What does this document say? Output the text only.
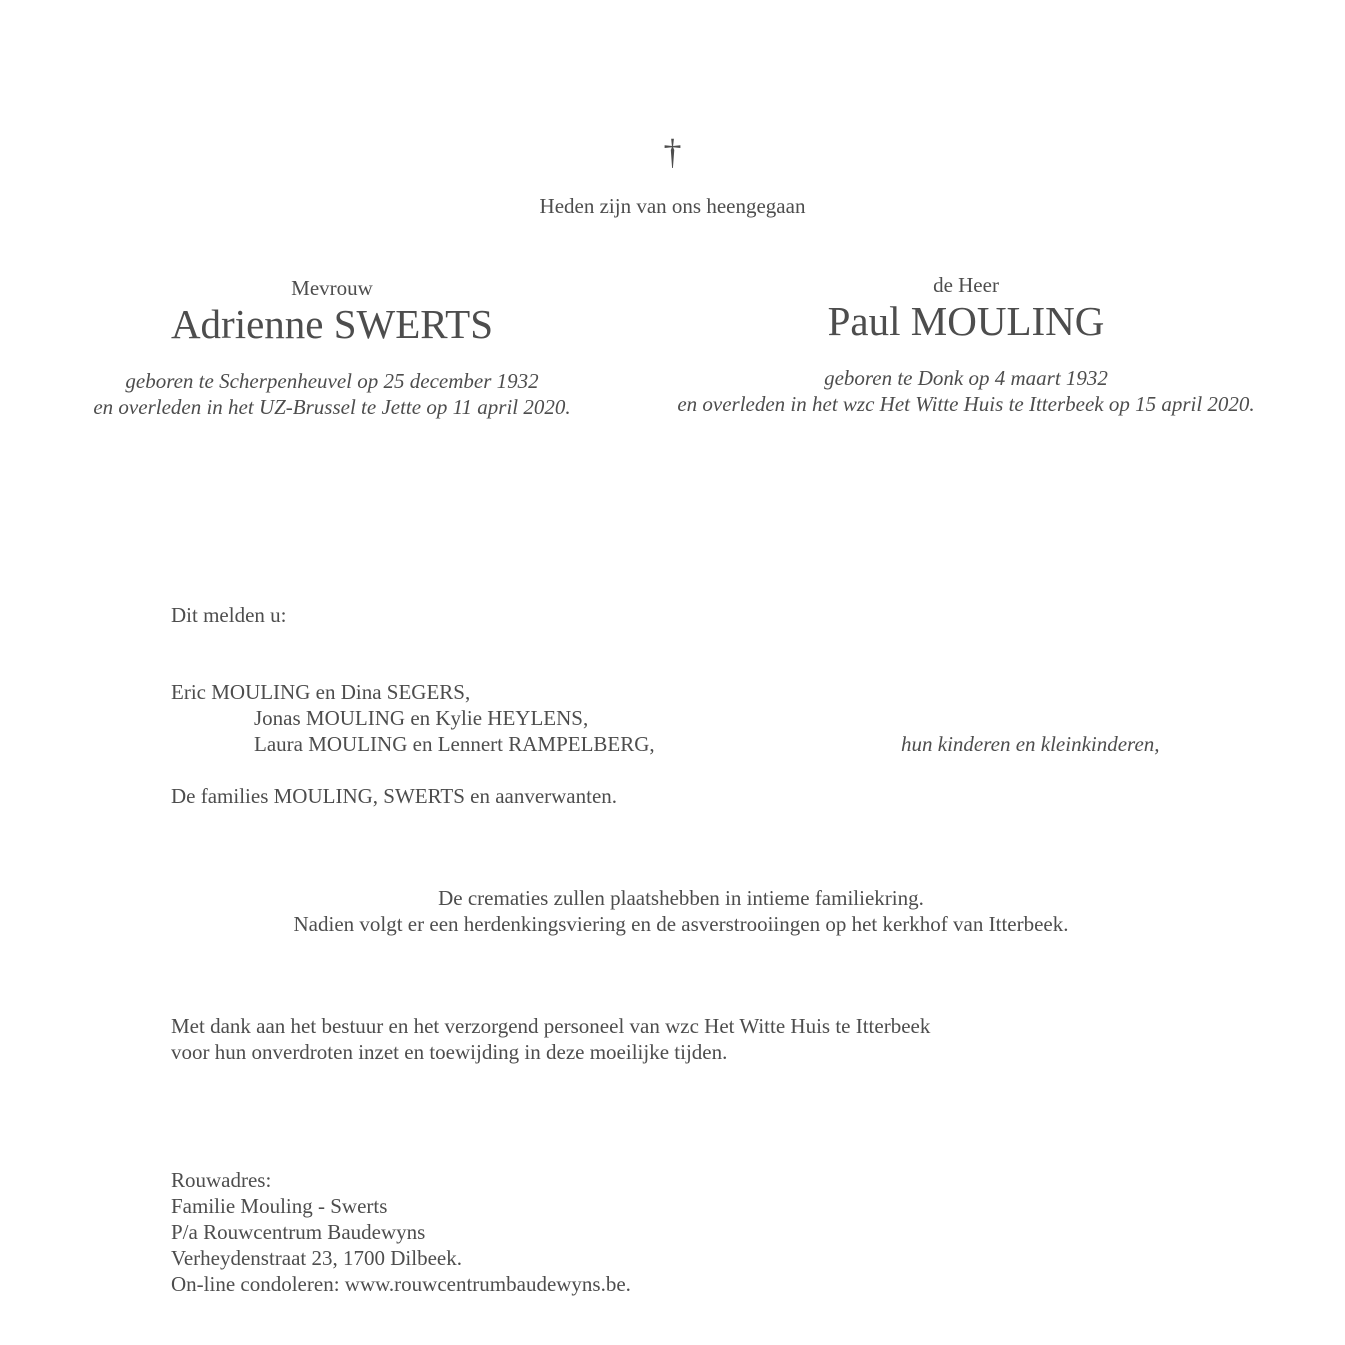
†
Heden zijn van ons heengegaan
Mevrouw
Adrienne SWERTS
geboren te Scherpenheuvel op 25 december 1932
en overleden in het UZ-Brussel te Jette op 11 april 2020.
de Heer
Paul MOULING
geboren te Donk op 4 maart 1932
en overleden in het wzc Het Witte Huis te Itterbeek op 15 april 2020.
Dit melden u:
Eric MOULING en Dina SEGERS,
Jonas MOULING en Kylie HEYLENS,
Laura MOULING en Lennert RAMPELBERG,	hun kinderen en kleinkinderen,
De families MOULING, SWERTS en aanverwanten.
De crematies zullen plaatshebben in intieme familiekring.
Nadien volgt er een herdenkingsviering en de asverstrooiingen op het kerkhof van Itterbeek.
Met dank aan het bestuur en het verzorgend personeel van wzc Het Witte Huis te Itterbeek
voor hun onverdroten inzet en toewijding in deze moeilijke tijden.
Rouwadres:
Familie Mouling - Swerts
P/a Rouwcentrum Baudewyns
Verheydenstraat 23, 1700 Dilbeek.
On-line condoleren: www.rouwcentrumbaudewyns.be.
